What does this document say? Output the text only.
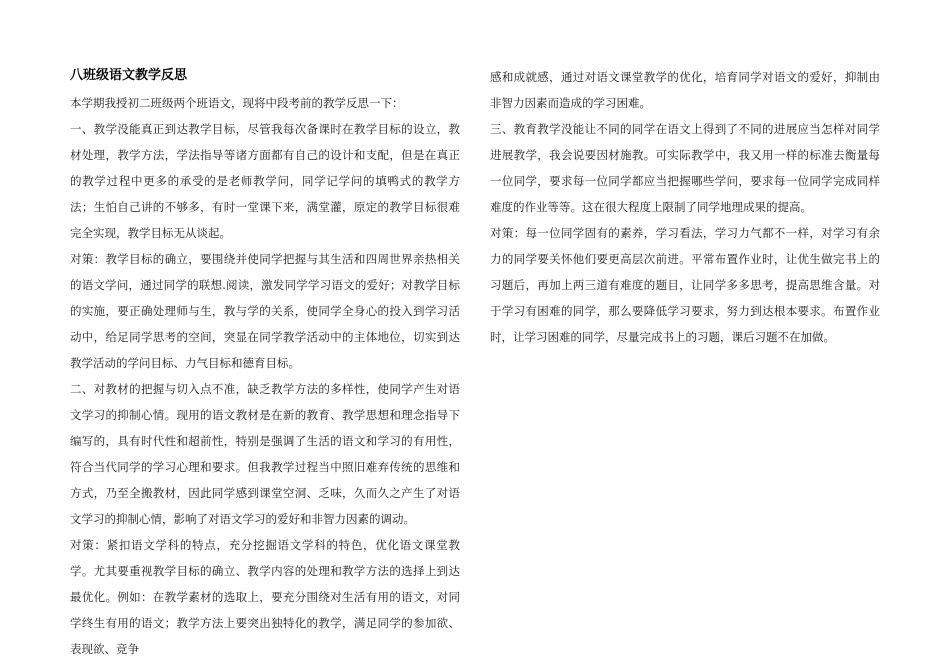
八班级语文教学反思

本学期我授初二班级两个班语文，现将中段考前的教学反思一下：

一、教学没能真正到达教学目标，尽管我每次备课时在教学目标的设立，教材处理，教学方法，学法指导等诸方面都有自己的设计和支配，但是在真正的教学过程中更多的承受的是老师教学问，同学记学问的填鸭式的教学方法；生怕自己讲的不够多，有时一堂课下来，满堂灌，原定的教学目标很难完全实现，教学目标无从谈起。

对策：教学目标的确立，要围绕并使同学把握与其生活和四周世界亲热相关的语文学问，通过同学的联想.阅读，激发同学学习语文的爱好；对教学目标的实施，要正确处理师与生，教与学的关系，使同学全身心的投入到学习活动中，给足同学思考的空间，突显在同学教学活动中的主体地位，切实到达教学活动的学问目标、力气目标和德育目标。

二、对教材的把握与切入点不准，缺乏教学方法的多样性，使同学产生对语文学习的抑制心情。现用的语文教材是在新的教育、教学思想和理念指导下编写的，具有时代性和超前性，特别是强调了生活的语文和学习的有用性，符合当代同学的学习心理和要求。但我教学过程当中照旧难弃传统的思维和方式，乃至全搬教材，因此同学感到课堂空洞、乏味，久而久之产生了对语文学习的抑制心情，影响了对语文学习的爱好和非智力因素的调动。

对策：紧扣语文学科的特点，充分挖掘语文学科的特色，优化语文课堂教学。尤其要重视教学目标的确立、教学内容的处理和教学方法的选择上到达最优化。例如：在教学素材的选取上，要充分围绕对生活有用的语文，对同学终生有用的语文；教学方法上要突出独特化的教学，满足同学的参加欲、表现欲、竞争

感和成就感，通过对语文课堂教学的优化，培育同学对语文的爱好，抑制由非智力因素而造成的学习困难。

三、教育教学没能让不同的同学在语文上得到了不同的进展应当怎样对同学进展教学，我会说要因材施教。可实际教学中，我又用一样的标准去衡量每一位同学，要求每一位同学都应当把握哪些学问，要求每一位同学完成同样难度的作业等等。这在很大程度上限制了同学地理成果的提高。

对策：每一位同学固有的素养，学习看法，学习力气都不一样，对学习有余力的同学要关怀他们要更高层次前进。平常布置作业时，让优生做完书上的习题后，再加上两三道有难度的题目，让同学多多思考，提高思维含量。对于学习有困难的同学，那么要降低学习要求，努力到达根本要求。布置作业时，让学习困难的同学，尽量完成书上的习题，课后习题不在加做。
